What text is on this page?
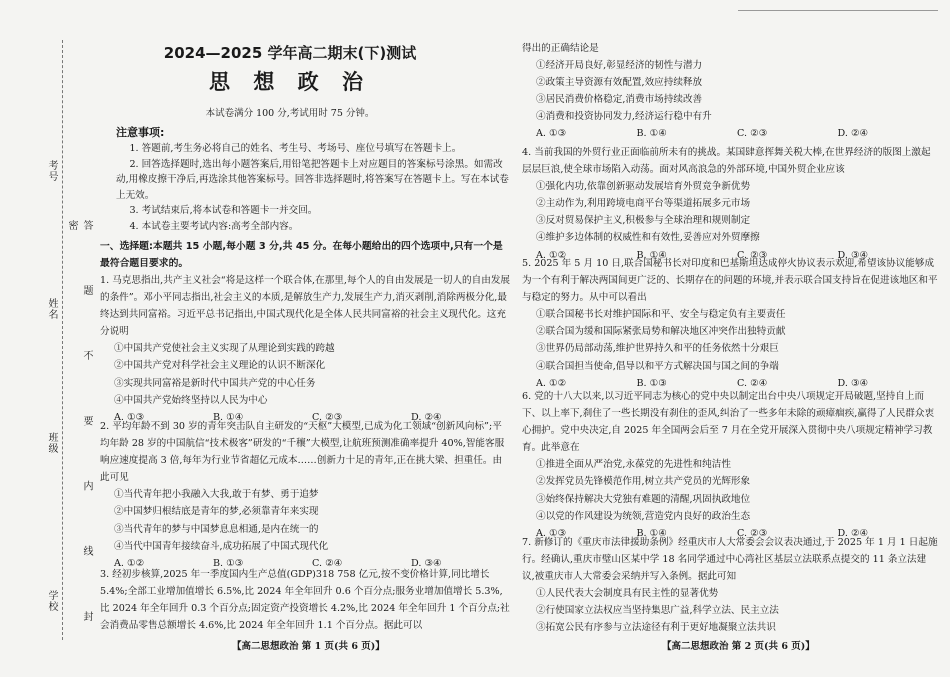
考号
姓名
班级
学校	答 题 不 要 内 线 封 密
2024—2025 学年高二期末(下)测试
思 想 政 治
本试卷满分 100 分,考试用时 75 分钟。
注意事项:

1. 答题前,考生务必将自己的姓名、考生号、考场号、座位号填写在答题卡上。

2. 回答选择题时,选出每小题答案后,用铅笔把答题卡上对应题目的答案标号涂黑。如需改动,用橡皮擦干净后,再选涂其他答案标号。回答非选择题时,将答案写在答题卡上。写在本试卷上无效。

3. 考试结束后,将本试卷和答题卡一并交回。

4. 本试卷主要考试内容:高考全部内容。

一、选择题:本题共 15 小题,每小题 3 分,共 45 分。在每小题给出的四个选项中,只有一个是最符合题目要求的。

1. 马克思指出,共产主义社会“将是这样一个联合体,在那里,每个人的自由发展是一切人的自由发展的条件”。邓小平同志指出,社会主义的本质,是解放生产力,发展生产力,消灭剥削,消除两极分化,最终达到共同富裕。习近平总书记指出,中国式现代化是全体人民共同富裕的社会主义现代化。这充分说明

①中国共产党使社会主义实现了从理论到实践的跨越

②中国共产党对科学社会主义理论的认识不断深化

③实现共同富裕是新时代中国共产党的中心任务

④中国共产党始终坚持以人民为中心

A. ①③	B. ①④	C. ②③	D. ②④

2. 平均年龄不到 30 岁的青年突击队自主研发的“天枢”大模型,已成为化工领域“创新风向标”;平均年龄 28 岁的中国航信“技术极客”研发的“千穰”大模型,让航班预测准确率提升 40%,智能客服响应速度提高 3 倍,每年为行业节省超亿元成本……创新力十足的青年,正在挑大梁、担重任。由此可见

①当代青年把小我融入大我,敢于有梦、勇于追梦

②中国梦归根结底是青年的梦,必须靠青年来实现

③当代青年的梦与中国梦息息相通,是内在统一的

④当代中国青年接续奋斗,成功拓展了中国式现代化

A. ①②	B. ①③	C. ②④	D. ③④

3. 经初步核算,2025 年一季度国内生产总值(GDP)318 758 亿元,按不变价格计算,同比增长 5.4%;全部工业增加值增长 6.5%,比 2024 年全年回升 0.6 个百分点;服务业增加值增长 5.3%,比 2024 年全年回升 0.3 个百分点;固定资产投资增长 4.2%,比 2024 年全年回升 1 个百分点;社会消费品零售总额增长 4.6%,比 2024 年全年回升 1.1 个百分点。据此可以

得出的正确结论是

①经济开局良好,彰显经济的韧性与潜力

②政策主导资源有效配置,效应持续释放

③居民消费价格稳定,消费市场持续改善

④消费和投资协同发力,经济运行稳中有升

A. ①③	B. ①④	C. ②③	D. ②④

4. 当前我国的外贸行业正面临前所未有的挑战。某国肆意挥舞关税大棒,在世界经济的版图上激起层层巨浪,使全球市场陷入动荡。面对风高浪急的外部环境,中国外贸企业应该

①强化内功,依靠创新驱动发展培育外贸竞争新优势

②主动作为,利用跨境电商平台等渠道拓展多元市场

③反对贸易保护主义,积极参与全球治理和规则制定

④维护多边体制的权威性和有效性,妥善应对外贸摩擦

A. ①②	B. ①④	C. ②③	D. ③④

5. 2025 年 5 月 10 日,联合国秘书长对印度和巴基斯坦达成停火协议表示欢迎,希望该协议能够成为一个有利于解决两国间更广泛的、长期存在的问题的环境,并表示联合国支持旨在促进该地区和平与稳定的努力。从中可以看出

①联合国秘书长对维护国际和平、安全与稳定负有主要责任

②联合国为缓和国际紧张局势和解决地区冲突作出独特贡献

③世界仍局部动荡,维护世界持久和平的任务依然十分艰巨

④联合国担当使命,倡导以和平方式解决国与国之间的争端

A. ①②	B. ①③	C. ②④	D. ③④

6. 党的十八大以来,以习近平同志为核心的党中央以制定出台中央八项规定开局破题,坚持自上而下、以上率下,刹住了一些长期没有刹住的歪风,纠治了一些多年未除的顽瘴痼疾,赢得了人民群众衷心拥护。党中央决定,自 2025 年全国两会后至 7 月在全党开展深入贯彻中央八项规定精神学习教育。此举意在

①推进全面从严治党,永葆党的先进性和纯洁性

②发挥党员先锋模范作用,树立共产党员的光辉形象

③始终保持解决大党独有难题的清醒,巩固执政地位

④以党的作风建设为统领,营造党内良好的政治生态

A. ①③	B. ①④	C. ②③	D. ②④

7. 新修订的《重庆市法律援助条例》经重庆市人大常委会会议表决通过,于 2025 年 1 月 1 日起施行。经确认,重庆市璧山区某中学 18 名同学通过中心湾社区基层立法联系点提交的 11 条立法建议,被重庆市人大常委会采纳并写入条例。据此可知

①人民代表大会制度具有民主性的显著优势

②行使国家立法权应当坚持集思广益,科学立法、民主立法

③拓宽公民有序参与立法途径有利于更好地凝聚立法共识

【高二思想政治 第 1 页(共 6 页)】	【高二思想政治 第 2 页(共 6 页)】
